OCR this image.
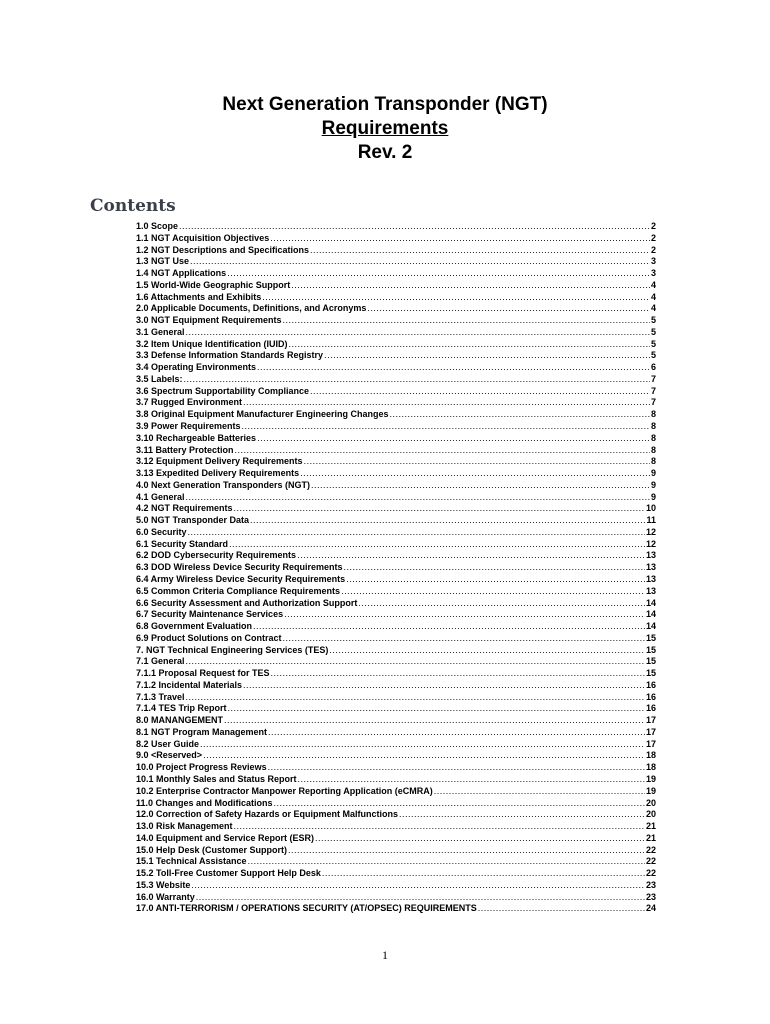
Next Generation Transponder (NGT)
Requirements
Rev. 2
Contents
1.0 Scope .....	2
1.1 NGT Acquisition Objectives .....	2
1.2 NGT Descriptions and Specifications .....	2
1.3 NGT Use .....	3
1.4 NGT Applications .....	3
1.5 World-Wide Geographic Support .....	4
1.6 Attachments and Exhibits .....	4
2.0 Applicable Documents, Definitions, and Acronyms .....	4
3.0 NGT Equipment Requirements .....	5
3.1 General .....	5
3.2 Item Unique Identification (IUID) .....	5
3.3 Defense Information Standards Registry .....	5
3.4 Operating Environments .....	6
3.5 Labels: .....	7
3.6 Spectrum Supportability Compliance .....	7
3.7 Rugged Environment .....	7
3.8 Original Equipment Manufacturer Engineering Changes .....	8
3.9 Power Requirements .....	8
3.10 Rechargeable Batteries .....	8
3.11 Battery Protection .....	8
3.12 Equipment Delivery Requirements .....	8
3.13 Expedited Delivery Requirements .....	9
4.0 Next Generation Transponders (NGT) .....	9
4.1 General .....	9
4.2 NGT Requirements .....	10
5.0 NGT Transponder Data .....	11
6.0 Security .....	12
6.1 Security Standard .....	12
6.2 DOD Cybersecurity Requirements .....	13
6.3 DOD Wireless Device Security Requirements .....	13
6.4 Army Wireless Device Security Requirements .....	13
6.5 Common Criteria Compliance Requirements .....	13
6.6 Security Assessment and Authorization Support .....	14
6.7 Security Maintenance Services .....	14
6.8 Government Evaluation .....	14
6.9 Product Solutions on Contract .....	15
7. NGT Technical Engineering Services (TES) .....	15
7.1 General .....	15
7.1.1 Proposal Request for TES .....	15
7.1.2 Incidental Materials .....	16
7.1.3 Travel .....	16
7.1.4 TES Trip Report .....	16
8.0 MANANGEMENT .....	17
8.1 NGT Program Management .....	17
8.2 User Guide .....	17
9.0 <Reserved> .....	18
10.0 Project Progress Reviews .....	18
10.1 Monthly Sales and Status Report .....	19
10.2 Enterprise Contractor Manpower Reporting Application (eCMRA) .....	19
11.0 Changes and Modifications .....	20
12.0 Correction of Safety Hazards or Equipment Malfunctions .....	20
13.0 Risk Management .....	21
14.0 Equipment and Service Report (ESR) .....	21
15.0 Help Desk (Customer Support) .....	22
15.1 Technical Assistance .....	22
15.2 Toll-Free Customer Support Help Desk .....	22
15.3 Website .....	23
16.0 Warranty .....	23
17.0 ANTI-TERRORISM / OPERATIONS SECURITY (AT/OPSEC) REQUIREMENTS .....	24
1
